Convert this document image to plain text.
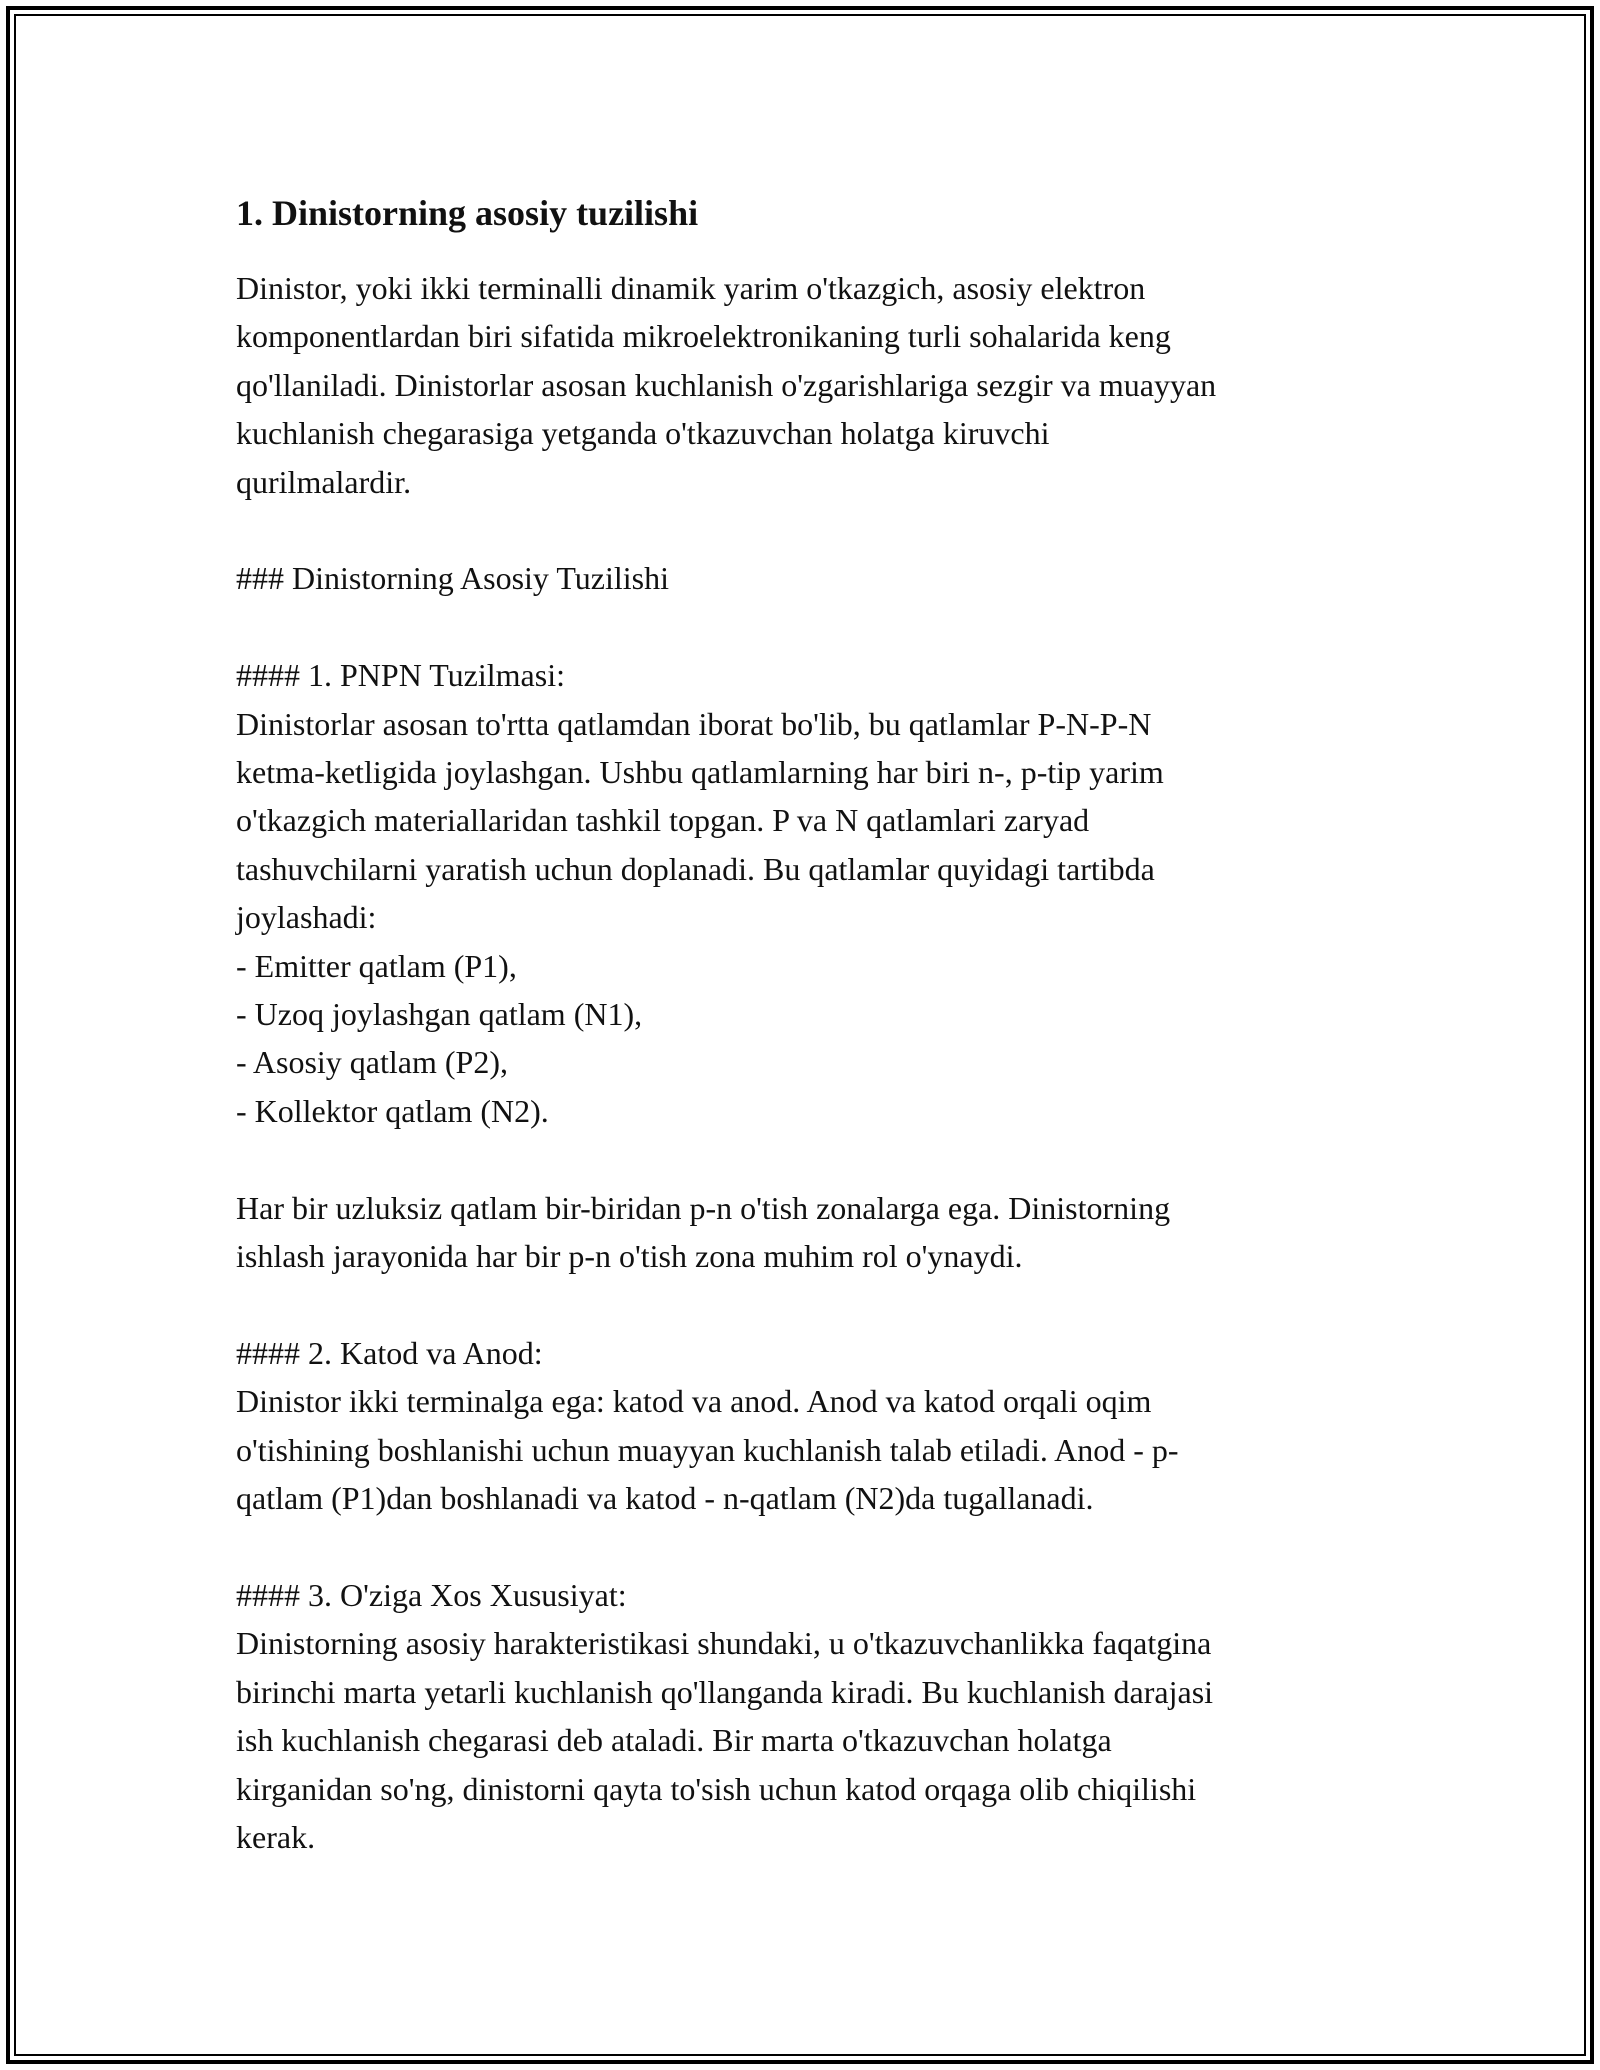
1. Dinistorning asosiy tuzilishi

Dinistor, yoki ikki terminalli dinamik yarim o'tkazgich, asosiy elektron
komponentlardan biri sifatida mikroelektronikaning turli sohalarida keng
qo'llaniladi. Dinistorlar asosan kuchlanish o'zgarishlariga sezgir va muayyan
kuchlanish chegarasiga yetganda o'tkazuvchan holatga kiruvchi
qurilmalardir.

### Dinistorning Asosiy Tuzilishi

#### 1. PNPN Tuzilmasi:
Dinistorlar asosan to'rtta qatlamdan iborat bo'lib, bu qatlamlar P-N-P-N
ketma-ketligida joylashgan. Ushbu qatlamlarning har biri n-, p-tip yarim
o'tkazgich materiallaridan tashkil topgan. P va N qatlamlari zaryad
tashuvchilarni yaratish uchun doplanadi. Bu qatlamlar quyidagi tartibda
joylashadi:
- Emitter qatlam (P1),
- Uzoq joylashgan qatlam (N1),
- Asosiy qatlam (P2),
- Kollektor qatlam (N2).

Har bir uzluksiz qatlam bir-biridan p-n o'tish zonalarga ega. Dinistorning
ishlash jarayonida har bir p-n o'tish zona muhim rol o'ynaydi.

#### 2. Katod va Anod:
Dinistor ikki terminalga ega: katod va anod. Anod va katod orqali oqim
o'tishining boshlanishi uchun muayyan kuchlanish talab etiladi. Anod - p-
qatlam (P1)dan boshlanadi va katod - n-qatlam (N2)da tugallanadi.

#### 3. O'ziga Xos Xususiyat:
Dinistorning asosiy harakteristikasi shundaki, u o'tkazuvchanlikka faqatgina
birinchi marta yetarli kuchlanish qo'llanganda kiradi. Bu kuchlanish darajasi
ish kuchlanish chegarasi deb ataladi. Bir marta o'tkazuvchan holatga
kirganidan so'ng, dinistorni qayta to'sish uchun katod orqaga olib chiqilishi
kerak.
